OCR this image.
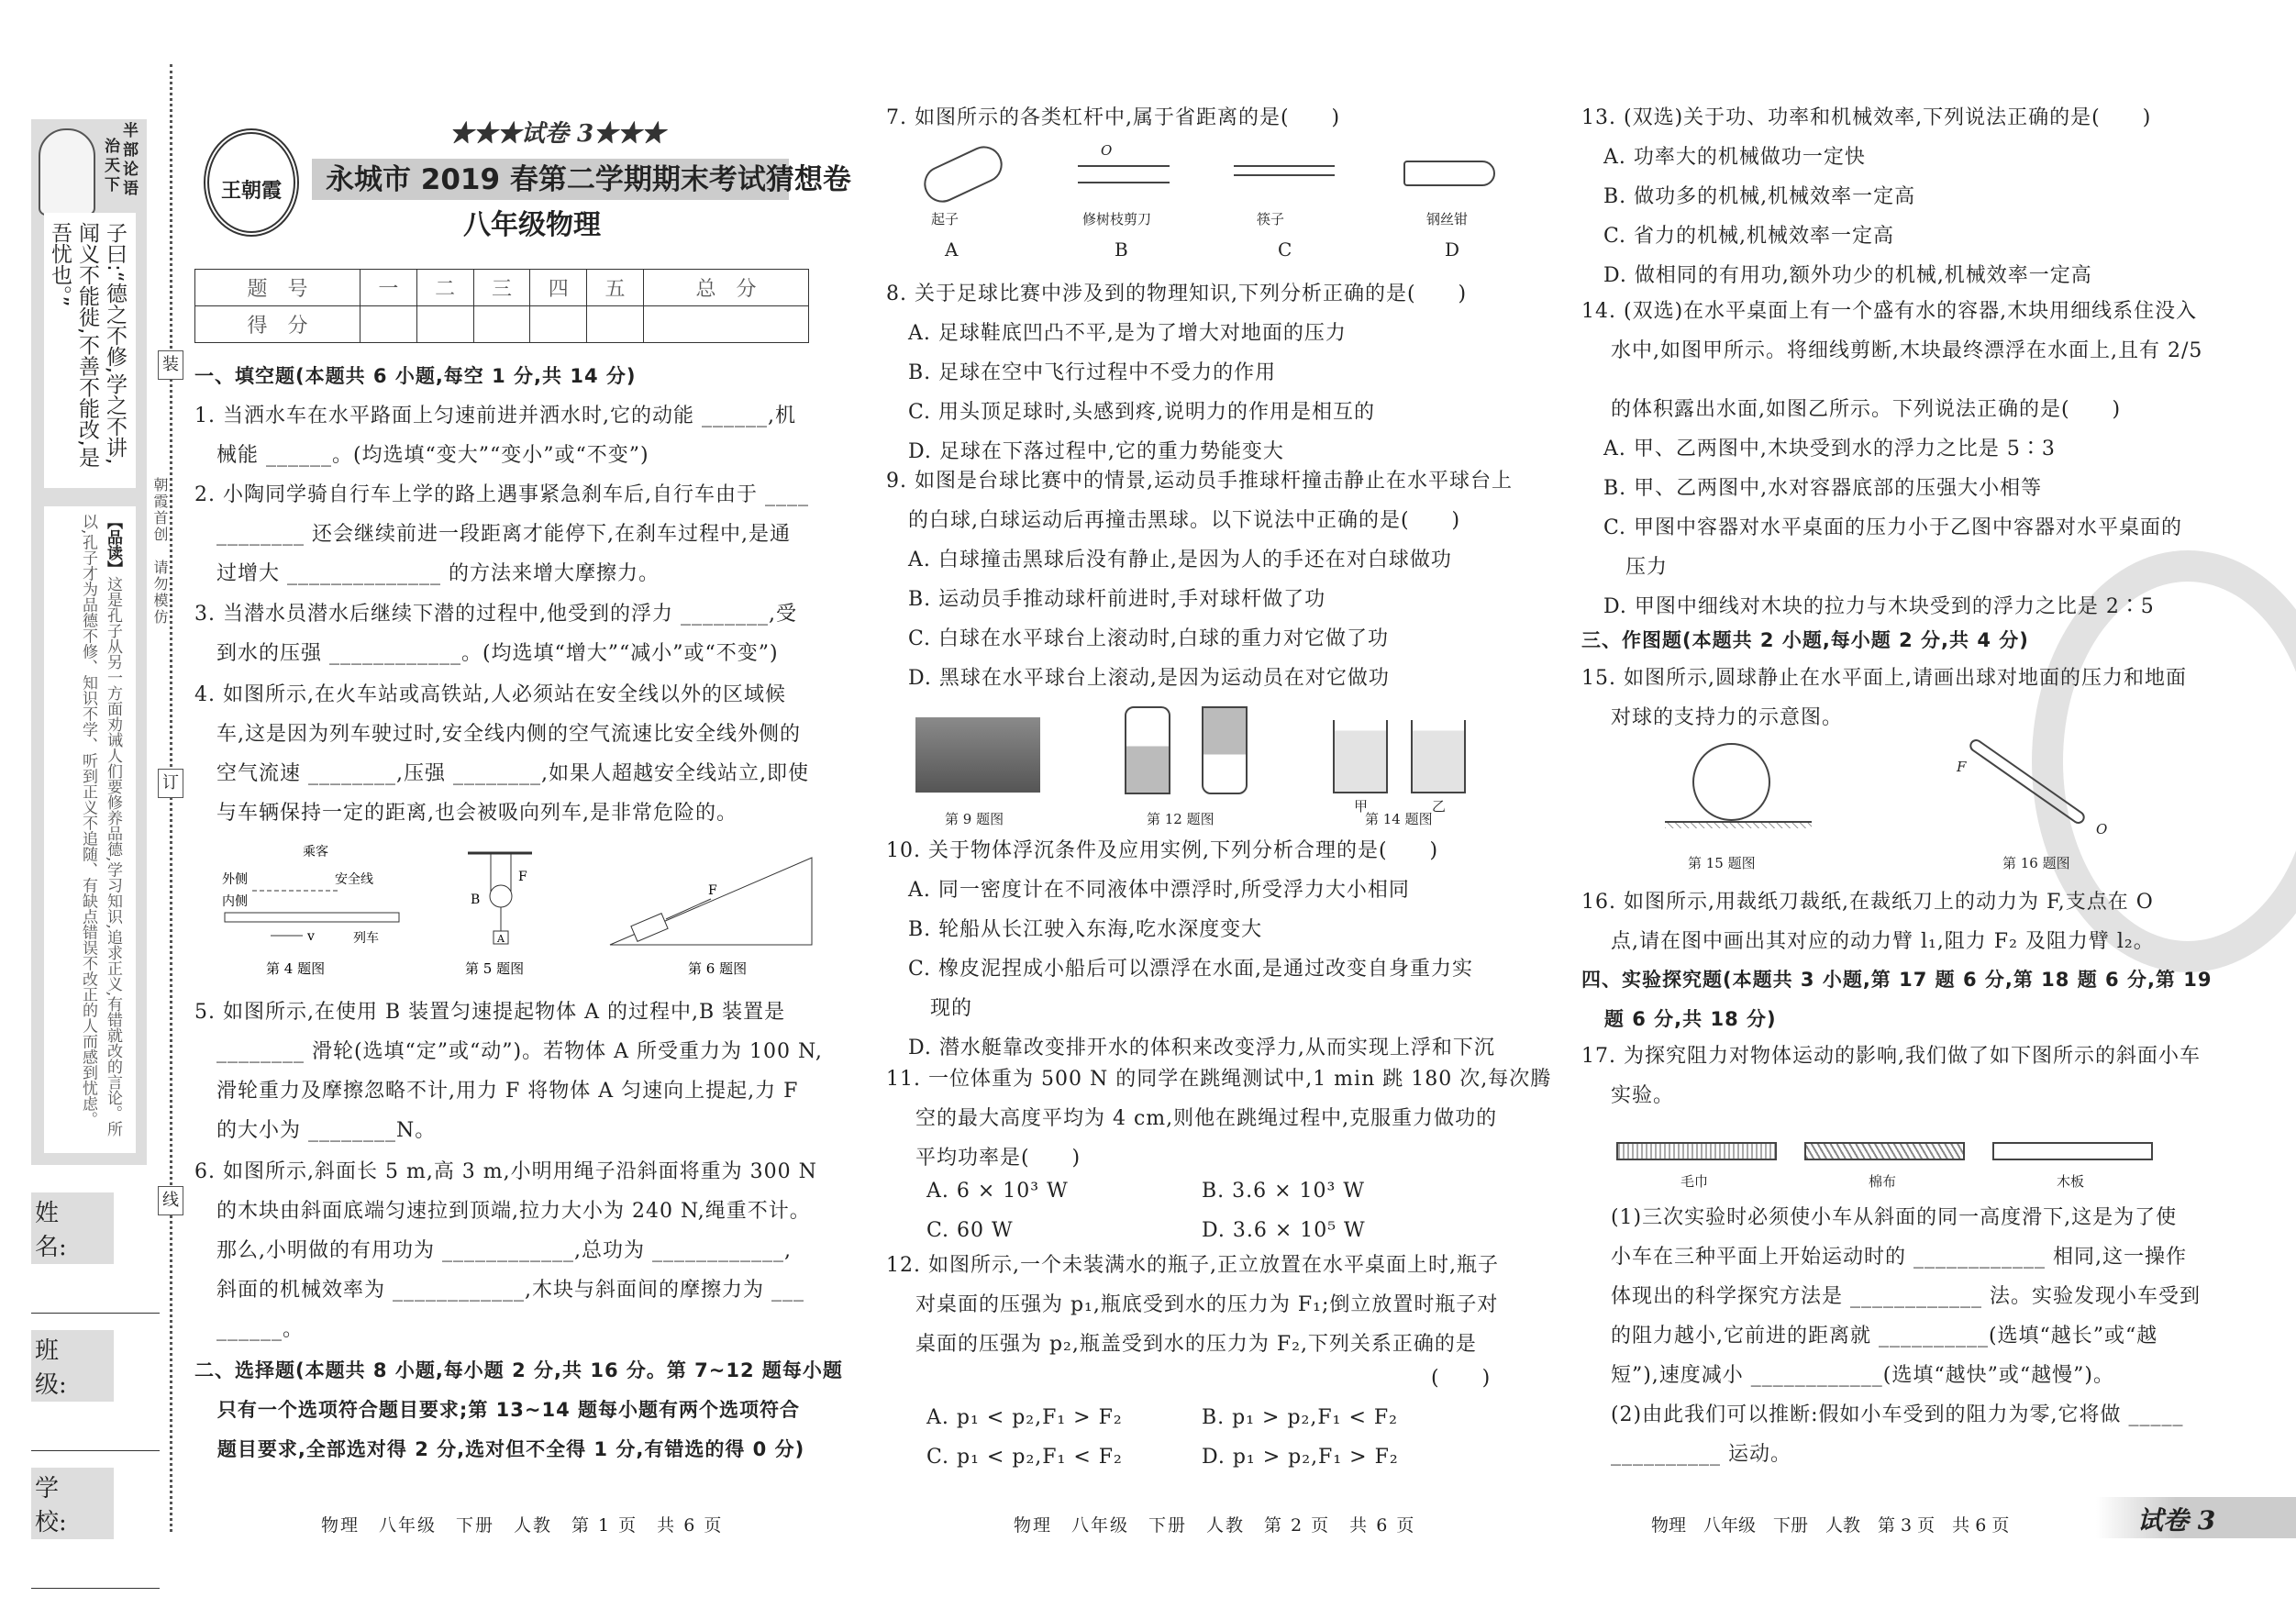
半部论语
治天下
子曰:“德之不修,学之不讲,闻义不能徙,不善不能改,是吾忧也。”
【品读】这是孔子从另一方面劝诫人们要修养品德,学习知识,追求正义,有错就改的言论。所以,孔子才为品德不修、知识不学、听到正义不追随、有缺点错误不改正的人而感到忧虑。
姓　名:
班　级:
学　校:
装
订
线
朝霞首创　请勿模仿
王朝霞
★★★试卷 3★★★
永城市 2019 春第二学期期末考试猜想卷
八年级物理
题　号	一	二	三	四	五	总　分
得　分						
一、填空题(本题共 6 小题,每空 1 分,共 14 分)
1. 当洒水车在水平路面上匀速前进并洒水时,它的动能 ______,机
械能 ______。(均选填“变大”“变小”或“不变”)
2. 小陶同学骑自行车上学的路上遇事紧急刹车后,自行车由于 ____
________ 还会继续前进一段距离才能停下,在刹车过程中,是通
过增大 ______________ 的方法来增大摩擦力。
3. 当潜水员潜水后继续下潜的过程中,他受到的浮力 ________,受
到水的压强 ____________。(均选填“增大”“减小”或“不变”)
4. 如图所示,在火车站或高铁站,人必须站在安全线以外的区域候
车,这是因为列车驶过时,安全线内侧的空气流速比安全线外侧的
空气流速 ________,压强 ________,如果人超越安全线站立,即使
与车辆保持一定的距离,也会被吸向列车,是非常危险的。
乘客
外侧	安全线
内侧
v	列车
第 4 题图
B
A
F
第 5 题图
F
第 6 题图
5. 如图所示,在使用 B 装置匀速提起物体 A 的过程中,B 装置是
________ 滑轮(选填“定”或“动”)。若物体 A 所受重力为 100 N,
滑轮重力及摩擦忽略不计,用力 F 将物体 A 匀速向上提起,力 F
的大小为 ________N。
6. 如图所示,斜面长 5 m,高 3 m,小明用绳子沿斜面将重为 300 N
的木块由斜面底端匀速拉到顶端,拉力大小为 240 N,绳重不计。
那么,小明做的有用功为 ____________,总功为 ____________,
斜面的机械效率为 ____________,木块与斜面间的摩擦力为 ___
______。
二、选择题(本题共 8 小题,每小题 2 分,共 16 分。第 7~12 题每小题
只有一个选项符合题目要求;第 13~14 题每小题有两个选项符合
题目要求,全部选对得 2 分,选对但不全得 1 分,有错选的得 0 分)
物理　八年级　下册　人教　第 1 页　共 6 页
7. 如图所示的各类杠杆中,属于省距离的是(　　)
O
起子	修树枝剪刀	筷子	钢丝钳
A	B	C	D
8. 关于足球比赛中涉及到的物理知识,下列分析正确的是(　　)
A. 足球鞋底凹凸不平,是为了增大对地面的压力
B. 足球在空中飞行过程中不受力的作用
C. 用头顶足球时,头感到疼,说明力的作用是相互的
D. 足球在下落过程中,它的重力势能变大
9. 如图是台球比赛中的情景,运动员手推球杆撞击静止在水平球台上
的白球,白球运动后再撞击黑球。以下说法中正确的是(　　)
A. 白球撞击黑球后没有静止,是因为人的手还在对白球做功
B. 运动员手推动球杆前进时,手对球杆做了功
C. 白球在水平球台上滚动时,白球的重力对它做了功
D. 黑球在水平球台上滚动,是因为运动员在对它做功
甲	乙
第 9 题图	第 12 题图	第 14 题图
10. 关于物体浮沉条件及应用实例,下列分析合理的是(　　)
A. 同一密度计在不同液体中漂浮时,所受浮力大小相同
B. 轮船从长江驶入东海,吃水深度变大
C. 橡皮泥捏成小船后可以漂浮在水面,是通过改变自身重力实
现的
D. 潜水艇靠改变排开水的体积来改变浮力,从而实现上浮和下沉
11. 一位体重为 500 N 的同学在跳绳测试中,1 min 跳 180 次,每次腾
空的最大高度平均为 4 cm,则他在跳绳过程中,克服重力做功的
平均功率是(　　)
A. 6 × 10³ W	B. 3.6 × 10³ W
C. 60 W	D. 3.6 × 10⁵ W
12. 如图所示,一个未装满水的瓶子,正立放置在水平桌面上时,瓶子
对桌面的压强为 p₁,瓶底受到水的压力为 F₁;倒立放置时瓶子对
桌面的压强为 p₂,瓶盖受到水的压力为 F₂,下列关系正确的是
(　　)
A. p₁ < p₂,F₁ > F₂	B. p₁ > p₂,F₁ < F₂
C. p₁ < p₂,F₁ < F₂	D. p₁ > p₂,F₁ > F₂
物理　八年级　下册　人教　第 2 页　共 6 页
13. (双选)关于功、功率和机械效率,下列说法正确的是(　　)
A. 功率大的机械做功一定快
B. 做功多的机械,机械效率一定高
C. 省力的机械,机械效率一定高
D. 做相同的有用功,额外功少的机械,机械效率一定高
14. (双选)在水平桌面上有一个盛有水的容器,木块用细线系住没入
水中,如图甲所示。将细线剪断,木块最终漂浮在水面上,且有 2/5
的体积露出水面,如图乙所示。下列说法正确的是(　　)
A. 甲、乙两图中,木块受到水的浮力之比是 5∶3
B. 甲、乙两图中,水对容器底部的压强大小相等
C. 甲图中容器对水平桌面的压力小于乙图中容器对水平桌面的
压力
D. 甲图中细线对木块的拉力与木块受到的浮力之比是 2∶5
三、作图题(本题共 2 小题,每小题 2 分,共 4 分)
15. 如图所示,圆球静止在水平面上,请画出球对地面的压力和地面
对球的支持力的示意图。
第 15 题图
F
O
第 16 题图
16. 如图所示,用裁纸刀裁纸,在裁纸刀上的动力为 F,支点在 O
点,请在图中画出其对应的动力臂 l₁,阻力 F₂ 及阻力臂 l₂。
四、实验探究题(本题共 3 小题,第 17 题 6 分,第 18 题 6 分,第 19
题 6 分,共 18 分)
17. 为探究阻力对物体运动的影响,我们做了如下图所示的斜面小车
实验。
毛巾	棉布	木板
(1)三次实验时必须使小车从斜面的同一高度滑下,这是为了使
小车在三种平面上开始运动时的 ____________ 相同,这一操作
体现出的科学探究方法是 ____________ 法。实验发现小车受到
的阻力越小,它前进的距离就 __________(选填“越长”或“越
短”),速度减小 ____________(选填“越快”或“越慢”)。
(2)由此我们可以推断:假如小车受到的阻力为零,它将做 _____
__________ 运动。
试卷 3
物理　八年级　下册　人教　第 3 页　共 6 页
